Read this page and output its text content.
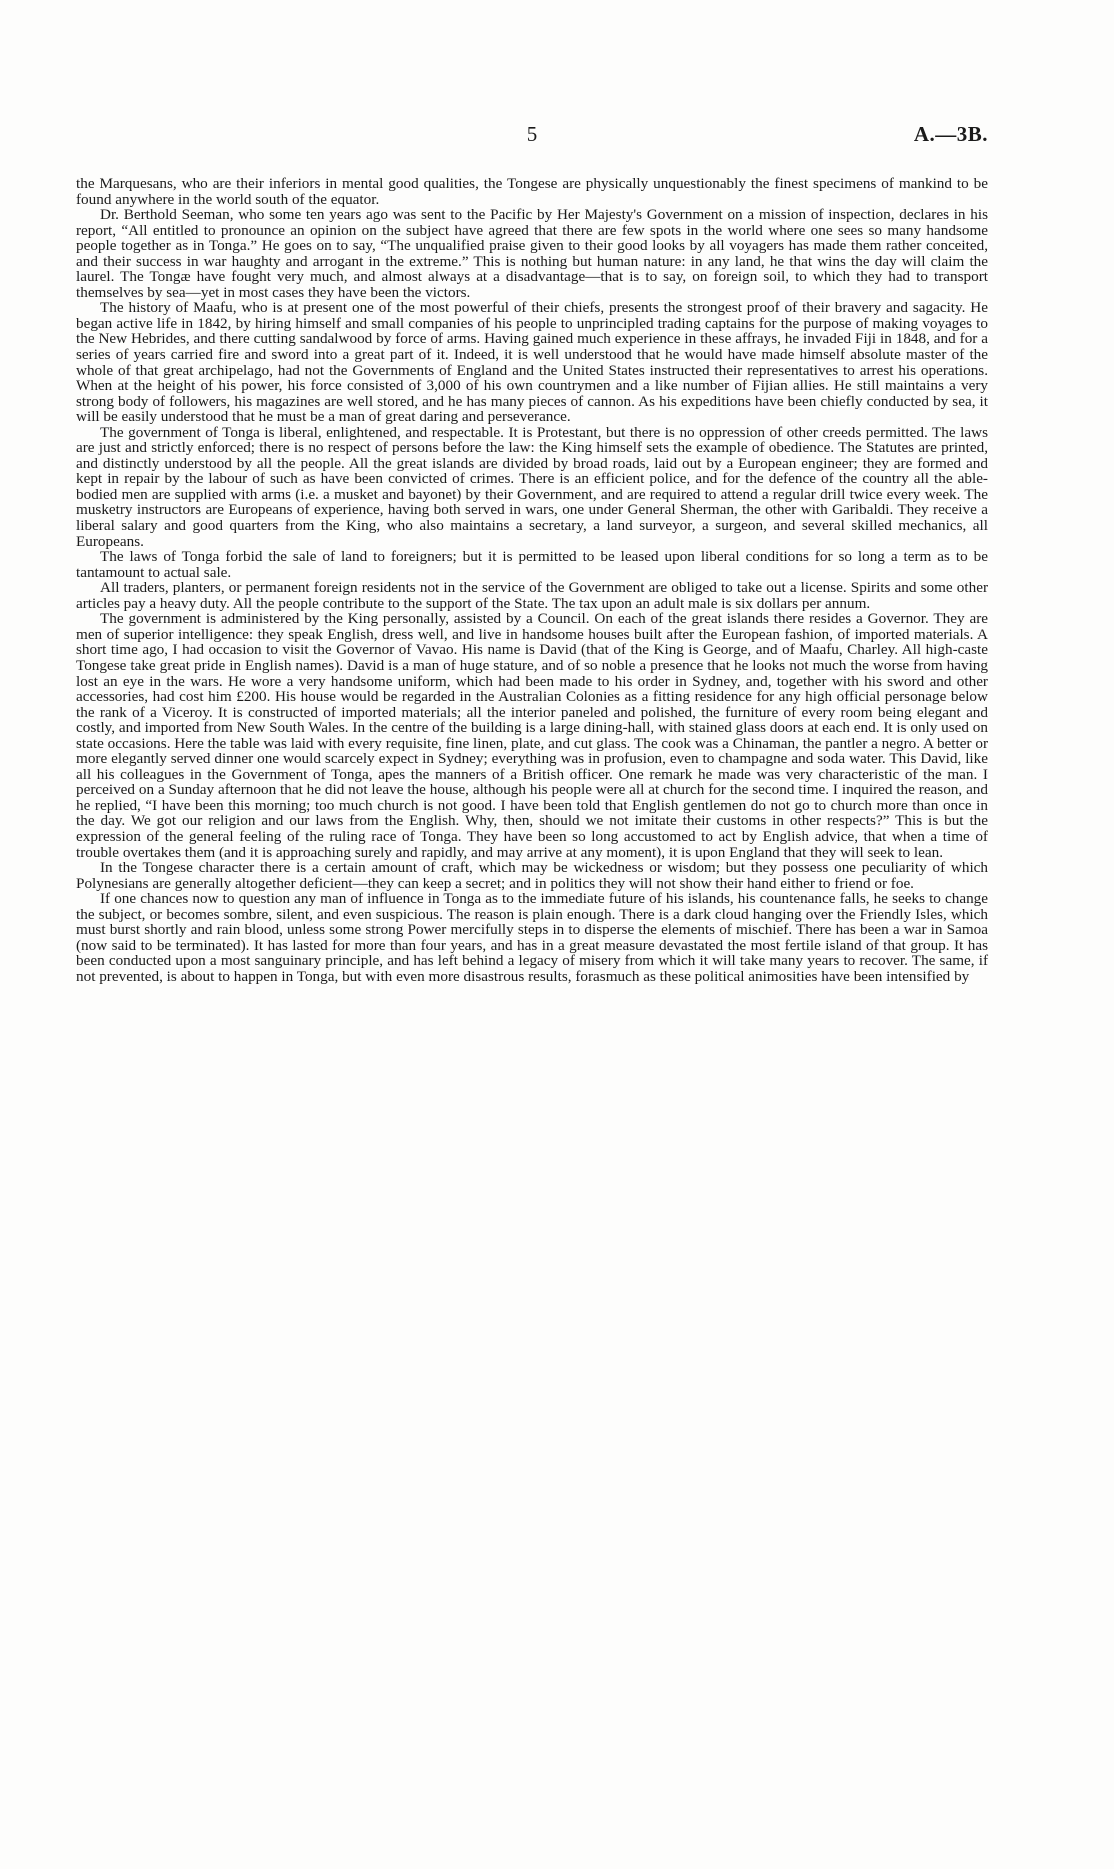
5	A.—3B.

the Marquesans, who are their inferiors in mental good qualities, the Tongese are physically unquestionably the finest specimens of mankind to be found anywhere in the world south of the equator.

Dr. Berthold Seeman, who some ten years ago was sent to the Pacific by Her Majesty's Government on a mission of inspection, declares in his report, “All entitled to pronounce an opinion on the subject have agreed that there are few spots in the world where one sees so many handsome people together as in Tonga.” He goes on to say, “The unqualified praise given to their good looks by all voyagers has made them rather conceited, and their success in war haughty and arrogant in the extreme.” This is nothing but human nature: in any land, he that wins the day will claim the laurel. The Tongæ have fought very much, and almost always at a disadvantage—that is to say, on foreign soil, to which they had to transport themselves by sea—yet in most cases they have been the victors.

The history of Maafu, who is at present one of the most powerful of their chiefs, presents the strongest proof of their bravery and sagacity. He began active life in 1842, by hiring himself and small companies of his people to unprincipled trading captains for the purpose of making voyages to the New Hebrides, and there cutting sandalwood by force of arms. Having gained much experience in these affrays, he invaded Fiji in 1848, and for a series of years carried fire and sword into a great part of it. Indeed, it is well understood that he would have made himself absolute master of the whole of that great archipelago, had not the Governments of England and the United States instructed their representatives to arrest his operations. When at the height of his power, his force consisted of 3,000 of his own countrymen and a like number of Fijian allies. He still maintains a very strong body of followers, his magazines are well stored, and he has many pieces of cannon. As his expeditions have been chiefly conducted by sea, it will be easily understood that he must be a man of great daring and perseverance.

The government of Tonga is liberal, enlightened, and respectable. It is Protestant, but there is no oppression of other creeds permitted. The laws are just and strictly enforced; there is no respect of persons before the law: the King himself sets the example of obedience. The Statutes are printed, and distinctly understood by all the people. All the great islands are divided by broad roads, laid out by a European engineer; they are formed and kept in repair by the labour of such as have been convicted of crimes. There is an efficient police, and for the defence of the country all the able-bodied men are supplied with arms (i.e. a musket and bayonet) by their Government, and are required to attend a regular drill twice every week. The musketry instructors are Europeans of experience, having both served in wars, one under General Sherman, the other with Garibaldi. They receive a liberal salary and good quarters from the King, who also maintains a secretary, a land surveyor, a surgeon, and several skilled mechanics, all Europeans.

The laws of Tonga forbid the sale of land to foreigners; but it is permitted to be leased upon liberal conditions for so long a term as to be tantamount to actual sale.

All traders, planters, or permanent foreign residents not in the service of the Government are obliged to take out a license. Spirits and some other articles pay a heavy duty. All the people contribute to the support of the State. The tax upon an adult male is six dollars per annum.

The government is administered by the King personally, assisted by a Council. On each of the great islands there resides a Governor. They are men of superior intelligence: they speak English, dress well, and live in handsome houses built after the European fashion, of imported materials. A short time ago, I had occasion to visit the Governor of Vavao. His name is David (that of the King is George, and of Maafu, Charley. All high-caste Tongese take great pride in English names). David is a man of huge stature, and of so noble a presence that he looks not much the worse from having lost an eye in the wars. He wore a very handsome uniform, which had been made to his order in Sydney, and, together with his sword and other accessories, had cost him £200. His house would be regarded in the Australian Colonies as a fitting residence for any high official personage below the rank of a Viceroy. It is constructed of imported materials; all the interior paneled and polished, the furniture of every room being elegant and costly, and imported from New South Wales. In the centre of the building is a large dining-hall, with stained glass doors at each end. It is only used on state occasions. Here the table was laid with every requisite, fine linen, plate, and cut glass. The cook was a Chinaman, the pantler a negro. A better or more elegantly served dinner one would scarcely expect in Sydney; everything was in profusion, even to champagne and soda water. This David, like all his colleagues in the Government of Tonga, apes the manners of a British officer. One remark he made was very characteristic of the man. I perceived on a Sunday afternoon that he did not leave the house, although his people were all at church for the second time. I inquired the reason, and he replied, “I have been this morning; too much church is not good. I have been told that English gentlemen do not go to church more than once in the day. We got our religion and our laws from the English. Why, then, should we not imitate their customs in other respects?” This is but the expression of the general feeling of the ruling race of Tonga. They have been so long accustomed to act by English advice, that when a time of trouble overtakes them (and it is approaching surely and rapidly, and may arrive at any moment), it is upon England that they will seek to lean.

In the Tongese character there is a certain amount of craft, which may be wickedness or wisdom; but they possess one peculiarity of which Polynesians are generally altogether deficient—they can keep a secret; and in politics they will not show their hand either to friend or foe.

If one chances now to question any man of influence in Tonga as to the immediate future of his islands, his countenance falls, he seeks to change the subject, or becomes sombre, silent, and even suspicious. The reason is plain enough. There is a dark cloud hanging over the Friendly Isles, which must burst shortly and rain blood, unless some strong Power mercifully steps in to disperse the elements of mischief. There has been a war in Samoa (now said to be terminated). It has lasted for more than four years, and has in a great measure devastated the most fertile island of that group. It has been conducted upon a most sanguinary principle, and has left behind a legacy of misery from which it will take many years to recover. The same, if not prevented, is about to happen in Tonga, but with even more disastrous results, forasmuch as these political animosities have been intensified by
